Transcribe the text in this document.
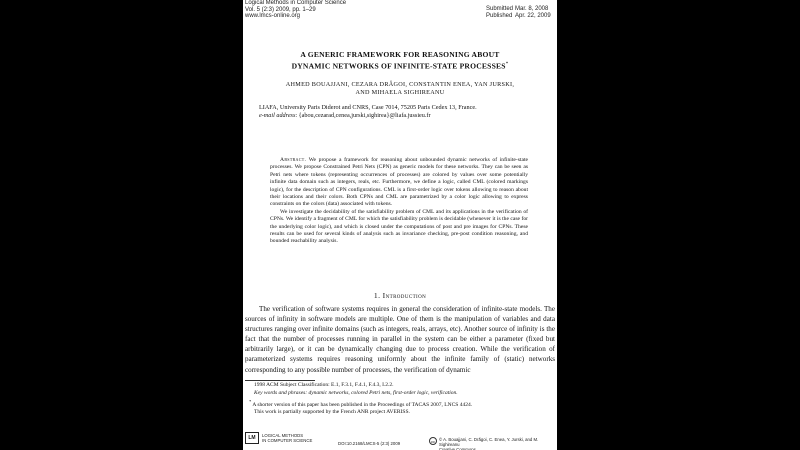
Logical Methods in Computer Science
Vol. 5 (2:3) 2009, pp. 1–29
www.lmcs-online.org
Submitted Mar. 8, 2008
Published Apr. 22, 2009
A GENERIC FRAMEWORK FOR REASONING ABOUT
DYNAMIC NETWORKS OF INFINITE-STATE PROCESSES*
AHMED BOUAJJANI, CEZARA DRĂGOI, CONSTANTIN ENEA, YAN JURSKI,
AND MIHAELA SIGHIREANU
LIAFA, University Paris Diderot and CNRS, Case 7014, 75205 Paris Cedex 13, France.
e-mail address: {abou,cezarad,cenea,jurski,sighirea}@liafa.jussieu.fr

Abstract. We propose a framework for reasoning about unbounded dynamic networks of infinite-state processes. We propose Constrained Petri Nets (CPN) as generic models for these networks. They can be seen as Petri nets where tokens (representing occurrences of processes) are colored by values over some potentially infinite data domain such as integers, reals, etc. Furthermore, we define a logic, called CML (colored markings logic), for the description of CPN configurations. CML is a first-order logic over tokens allowing to reason about their locations and their colors. Both CPNs and CML are parametrized by a color logic allowing to express constraints on the colors (data) associated with tokens.

We investigate the decidability of the satisfiability problem of CML and its applications in the verification of CPNs. We identify a fragment of CML for which the satisfiability problem is decidable (whenever it is the case for the underlying color logic), and which is closed under the computations of post and pre images for CPNs. These results can be used for several kinds of analysis such as invariance checking, pre-post condition reasoning, and bounded reachability analysis.

1. Introduction
The verification of software systems requires in general the consideration of infinite-state models. The sources of infinity in software models are multiple. One of them is the manipulation of variables and data structures ranging over infinite domains (such as integers, reals, arrays, etc). Another source of infinity is the fact that the number of processes running in parallel in the system can be either a parameter (fixed but arbitrarily large), or it can be dynamically changing due to process creation. While the verification of parameterized systems requires reasoning uniformly about the infinite family of (static) networks corresponding to any possible number of processes, the verification of dynamic
1998 ACM Subject Classification: E.1, F.3.1, F.4.1, F.4.3, I.2.2.
Key words and phrases: dynamic networks, colored Petri nets, first-order logic, verification.
* A shorter version of this paper has been published in the Proceedings of TACAS 2007, LNCS 4424.
This work is partially supported by the French ANR project AVERISS.
LM	LOGICAL METHODS
IN COMPUTER SCIENCE
DOI:10.2168/LMCS-5 (2:3) 2009	cc © A. Bouajjani, C. Drăgoi, C. Enea, Y. Jurski, and M. Sighireanu
Creative Commons
